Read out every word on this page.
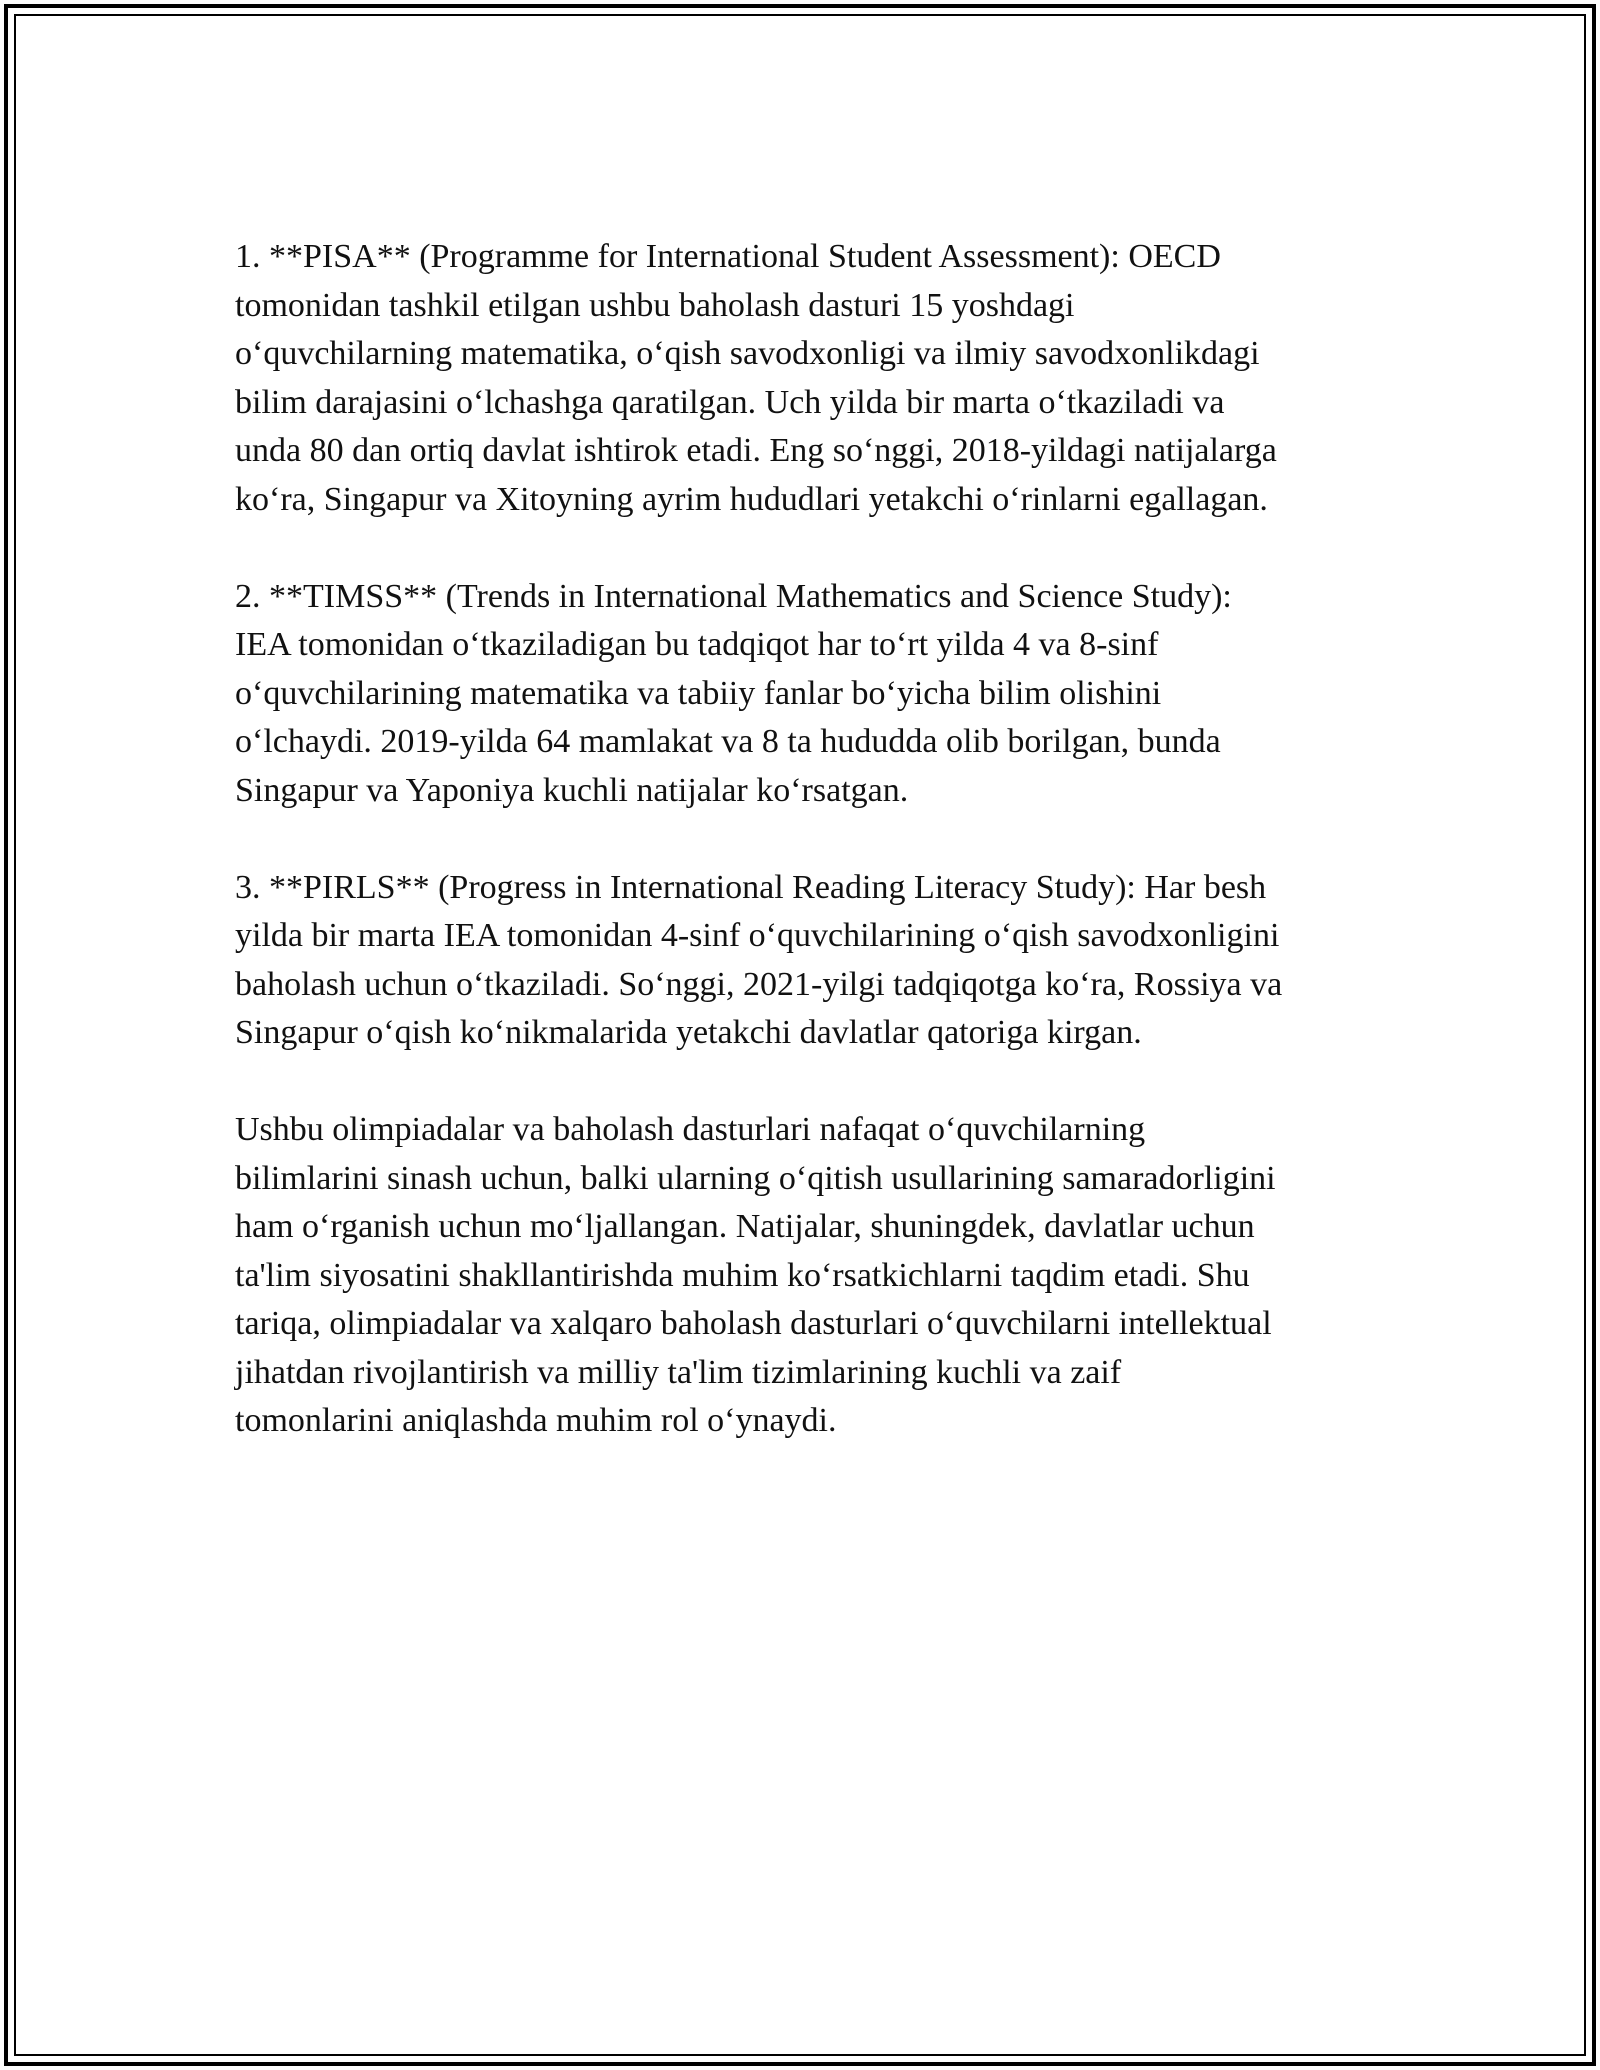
1. **PISA** (Programme for International Student Assessment): OECD
tomonidan tashkil etilgan ushbu baholash dasturi 15 yoshdagi
o‘quvchilarning matematika, o‘qish savodxonligi va ilmiy savodxonlikdagi
bilim darajasini o‘lchashga qaratilgan. Uch yilda bir marta o‘tkaziladi va
unda 80 dan ortiq davlat ishtirok etadi. Eng so‘nggi, 2018-yildagi natijalarga
ko‘ra, Singapur va Xitoyning ayrim hududlari yetakchi o‘rinlarni egallagan.

2. **TIMSS** (Trends in International Mathematics and Science Study):
IEA tomonidan o‘tkaziladigan bu tadqiqot har to‘rt yilda 4 va 8-sinf
o‘quvchilarining matematika va tabiiy fanlar bo‘yicha bilim olishini
o‘lchaydi. 2019-yilda 64 mamlakat va 8 ta hududda olib borilgan, bunda
Singapur va Yaponiya kuchli natijalar ko‘rsatgan.

3. **PIRLS** (Progress in International Reading Literacy Study): Har besh
yilda bir marta IEA tomonidan 4-sinf o‘quvchilarining o‘qish savodxonligini
baholash uchun o‘tkaziladi. So‘nggi, 2021-yilgi tadqiqotga ko‘ra, Rossiya va
Singapur o‘qish ko‘nikmalarida yetakchi davlatlar qatoriga kirgan.

Ushbu olimpiadalar va baholash dasturlari nafaqat o‘quvchilarning
bilimlarini sinash uchun, balki ularning o‘qitish usullarining samaradorligini
ham o‘rganish uchun mo‘ljallangan. Natijalar, shuningdek, davlatlar uchun
ta'lim siyosatini shakllantirishda muhim ko‘rsatkichlarni taqdim etadi. Shu
tariqa, olimpiadalar va xalqaro baholash dasturlari o‘quvchilarni intellektual
jihatdan rivojlantirish va milliy ta'lim tizimlarining kuchli va zaif
tomonlarini aniqlashda muhim rol o‘ynaydi.
